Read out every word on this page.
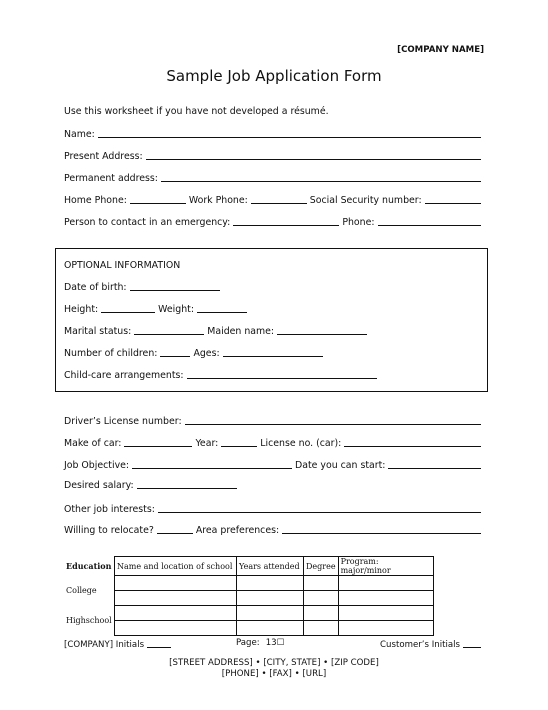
[COMPANY NAME]
Sample Job Application Form
Use this worksheet if you have not developed a résumé.
Name:
Present Address:
Permanent address:
Home Phone:	Work Phone:	Social Security number:
Person to contact in an emergency:	Phone:
OPTIONAL INFORMATION
Date of birth:
Height:	Weight:
Marital status:	Maiden name:
Number of children:	Ages:
Child-care arrangements:
Driver’s License number:
Make of car:	Year:	License no. (car):
Job Objective:	Date you can start:
Desired salary:
Other job interests:
Willing to relocate?	Area preferences:
Education	Name and location of school	Years attended	Degree	Program: major/minor
College				

Highschool				

[COMPANY] Initials	Page: 13☐	Customer’s Initials
[STREET ADDRESS] • [CITY, STATE] • [ZIP CODE]
[PHONE] • [FAX] • [URL]
